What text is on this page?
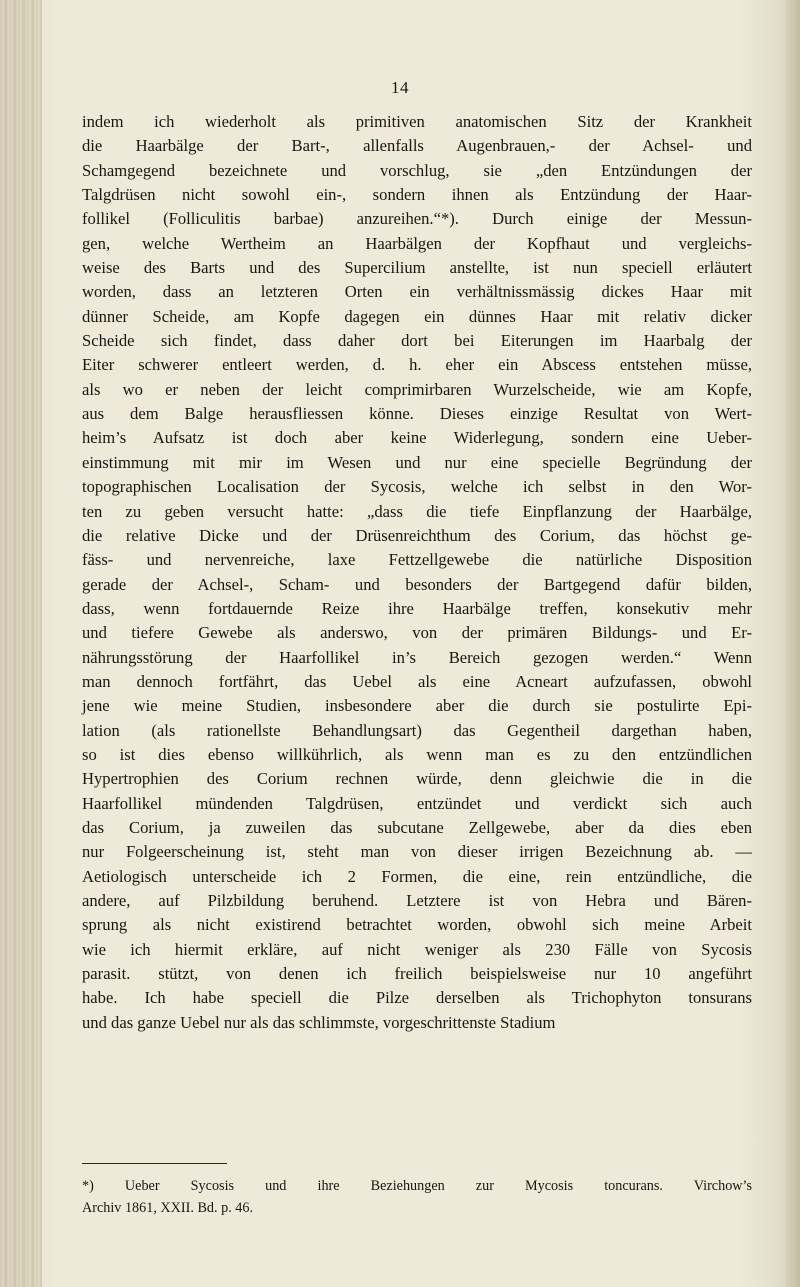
14
indem ich wiederholt als primitiven anatomischen Sitz der Krankheit
die Haarbälge der Bart-, allenfalls Augenbrauen,- der Achsel- und
Schamgegend bezeichnete und vorschlug, sie „den Entzündungen der
Talgdrüsen nicht sowohl ein-, sondern ihnen als Entzündung der Haar-
follikel (Folliculitis barbae) anzureihen.“*). Durch einige der Messun-
gen, welche Wertheim an Haarbälgen der Kopfhaut und vergleichs-
weise des Barts und des Supercilium anstellte, ist nun speciell erläutert
worden, dass an letzteren Orten ein verhältnissmässig dickes Haar mit
dünner Scheide, am Kopfe dagegen ein dünnes Haar mit relativ dicker
Scheide sich findet, dass daher dort bei Eiterungen im Haarbalg der
Eiter schwerer entleert werden, d. h. eher ein Abscess entstehen müsse,
als wo er neben der leicht comprimirbaren Wurzelscheide, wie am Kopfe,
aus dem Balge herausfliessen könne. Dieses einzige Resultat von Wert-
heim’s Aufsatz ist doch aber keine Widerlegung, sondern eine Ueber-
einstimmung mit mir im Wesen und nur eine specielle Begründung der
topographischen Localisation der Sycosis, welche ich selbst in den Wor-
ten zu geben versucht hatte: „dass die tiefe Einpflanzung der Haarbälge,
die relative Dicke und der Drüsenreichthum des Corium, das höchst ge-
fäss- und nervenreiche, laxe Fettzellgewebe die natürliche Disposition
gerade der Achsel-, Scham- und besonders der Bartgegend dafür bilden,
dass, wenn fortdauernde Reize ihre Haarbälge treffen, konsekutiv mehr
und tiefere Gewebe als anderswo, von der primären Bildungs- und Er-
nährungsstörung der Haarfollikel in’s Bereich gezogen werden.“ Wenn
man dennoch fortfährt, das Uebel als eine Acneart aufzufassen, obwohl
jene wie meine Studien, insbesondere aber die durch sie postulirte Epi-
lation (als rationellste Behandlungsart) das Gegentheil dargethan haben,
so ist dies ebenso willkührlich, als wenn man es zu den entzündlichen
Hypertrophien des Corium rechnen würde, denn gleichwie die in die
Haarfollikel mündenden Talgdrüsen, entzündet und verdickt sich auch
das Corium, ja zuweilen das subcutane Zellgewebe, aber da dies eben
nur Folgeerscheinung ist, steht man von dieser irrigen Bezeichnung ab. —
Aetiologisch unterscheide ich 2 Formen, die eine, rein entzündliche, die
andere, auf Pilzbildung beruhend. Letztere ist von Hebra und Bären-
sprung als nicht existirend betrachtet worden, obwohl sich meine Arbeit
wie ich hiermit erkläre, auf nicht weniger als 230 Fälle von Sycosis
parasit. stützt, von denen ich freilich beispielsweise nur 10 angeführt
habe. Ich habe speciell die Pilze derselben als Trichophyton tonsurans
und das ganze Uebel nur als das schlimmste, vorgeschrittenste Stadium
*) Ueber Sycosis und ihre Beziehungen zur Mycosis toncurans. Virchow’s
Archiv 1861, XXII. Bd. p. 46.
